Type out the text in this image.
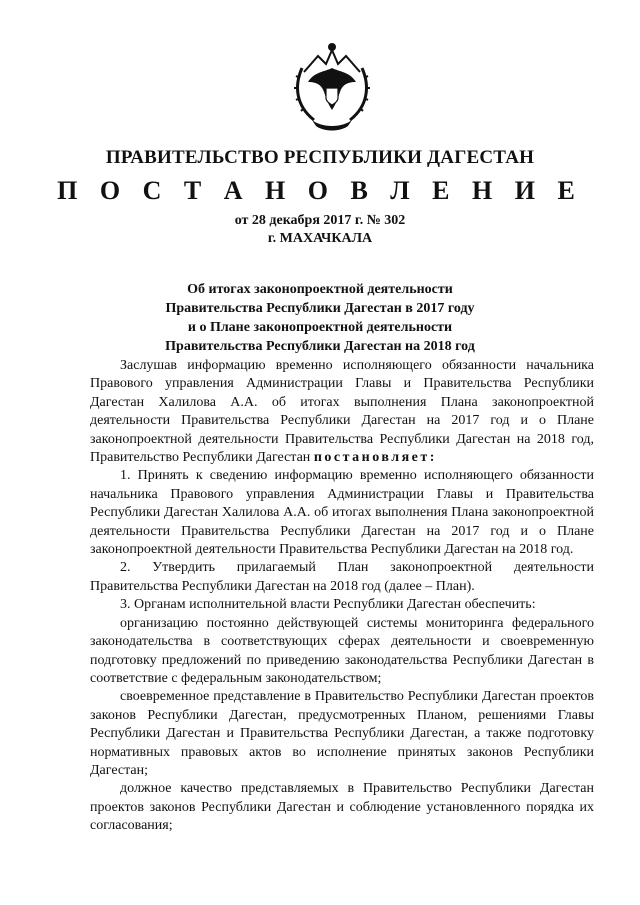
ПРАВИТЕЛЬСТВО РЕСПУБЛИКИ ДАГЕСТАН
П О С Т А Н О В Л Е Н И Е
от 28 декабря 2017 г. № 302
г. МАХАЧКАЛА
Об итогах законопроектной деятельности
Правительства Республики Дагестан в 2017 году
и о Плане законопроектной деятельности
Правительства Республики Дагестан на 2018 год

Заслушав информацию временно исполняющего обязанности начальника Правового управления Администрации Главы и Правительства Республики Дагестан Халилова А.А. об итогах выполнения Плана законопроектной деятельности Правительства Республики Дагестан на 2017 год и о Плане законопроектной деятельности Правительства Республики Дагестан на 2018 год, Правительство Республики Дагестан постановляет:

1. Принять к сведению информацию временно исполняющего обязанности начальника Правового управления Администрации Главы и Правительства Республики Дагестан Халилова А.А. об итогах выполнения Плана законопроектной деятельности Правительства Республики Дагестан на 2017 год и о Плане законопроектной деятельности Правительства Республики Дагестан на 2018 год.

2. Утвердить прилагаемый План законопроектной деятельности Правительства Республики Дагестан на 2018 год (далее – План).

3. Органам исполнительной власти Республики Дагестан обеспечить:

организацию постоянно действующей системы мониторинга федерального законодательства в соответствующих сферах деятельности и своевременную подготовку предложений по приведению законодательства Республики Дагестан в соответствие с федеральным законодательством;

своевременное представление в Правительство Республики Дагестан проектов законов Республики Дагестан, предусмотренных Планом, решениями Главы Республики Дагестан и Правительства Республики Дагестан, а также подготовку нормативных правовых актов во исполнение принятых законов Республики Дагестан;

должное качество представляемых в Правительство Республики Дагестан проектов законов Республики Дагестан и соблюдение установленного порядка их согласования;
